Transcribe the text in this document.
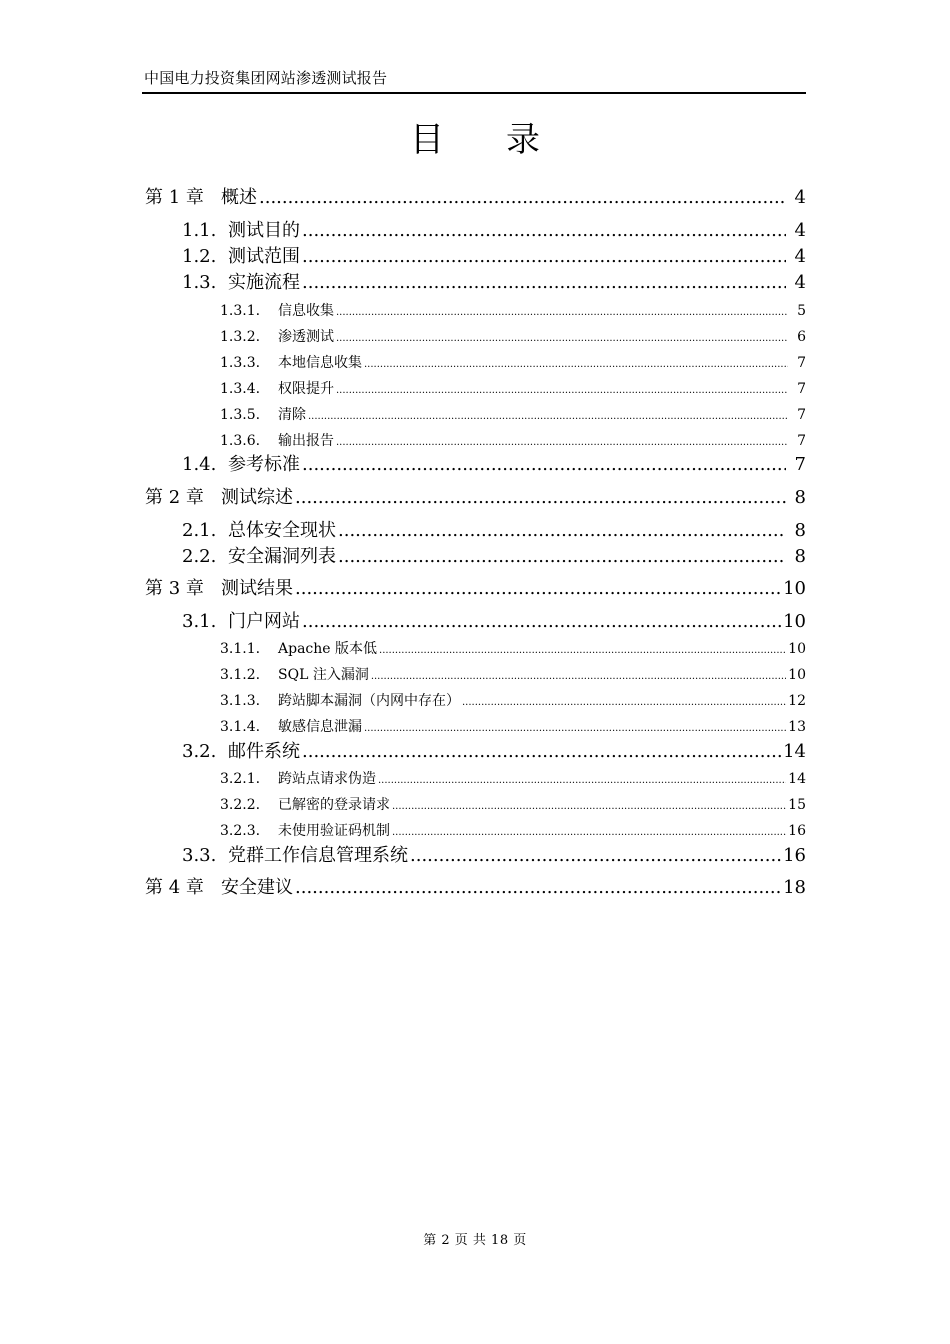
中国电力投资集团网站渗透测试报告
目 录
第 1 章 概述 .....	4
1.1. 测试目的 .....	4
1.2. 测试范围 .....	4
1.3. 实施流程 .....	4
1.3.1.	信息收集 .....	5
1.3.2.	渗透测试 .....	6
1.3.3.	本地信息收集 .....	7
1.3.4.	权限提升 .....	7
1.3.5.	清除 .....	7
1.3.6.	输出报告 .....	7
1.4. 参考标准 .....	7
第 2 章 测试综述 .....	8
2.1. 总体安全现状 .....	8
2.2. 安全漏洞列表 .....	8
第 3 章 测试结果 .....	10
3.1. 门户网站 .....	10
3.1.1.	Apache 版本低 .....	10
3.1.2.	SQL 注入漏洞 .....	10
3.1.3.	跨站脚本漏洞（内网中存在） .....	12
3.1.4.	敏感信息泄漏 .....	13
3.2. 邮件系统 .....	14
3.2.1.	跨站点请求伪造 .....	14
3.2.2.	已解密的登录请求 .....	15
3.2.3.	未使用验证码机制 .....	16
3.3. 党群工作信息管理系统 .....	16
第 4 章 安全建议 .....	18
第 2 页 共 18 页
